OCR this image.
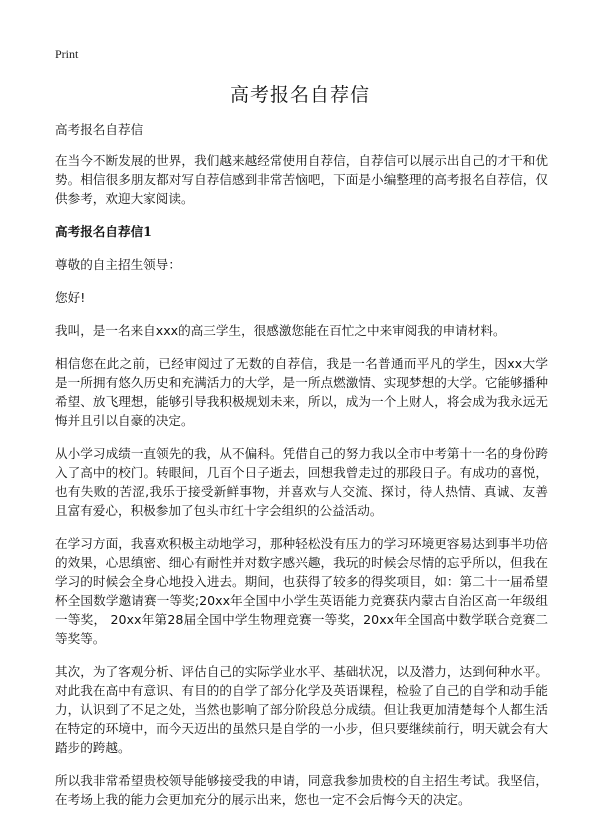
Print
高考报名自荐信

高考报名自荐信

在当今不断发展的世界，我们越来越经常使用自荐信，自荐信可以展示出自己的才干和优势。相信很多朋友都对写自荐信感到非常苦恼吧，下面是小编整理的高考报名自荐信，仅供参考，欢迎大家阅读。

高考报名自荐信1

尊敬的自主招生领导：

您好!

我叫，是一名来自xxx的高三学生，很感激您能在百忙之中来审阅我的申请材料。

相信您在此之前，已经审阅过了无数的自荐信，我是一名普通而平凡的学生，因xx大学是一所拥有悠久历史和充满活力的大学，是一所点燃激情、实现梦想的大学。它能够播种希望、放飞理想，能够引导我积极规划未来，所以，成为一个上财人，将会成为我永远无悔并且引以自豪的决定。

从小学习成绩一直领先的我，从不偏科。凭借自己的努力我以全市中考第十一名的身份跨入了高中的校门。转眼间，几百个日子逝去，回想我曾走过的那段日子。有成功的喜悦，也有失败的苦涩,我乐于接受新鲜事物，并喜欢与人交流、探讨，待人热情、真诚、友善且富有爱心，积极参加了包头市红十字会组织的公益活动。

在学习方面，我喜欢积极主动地学习，那种轻松没有压力的学习环境更容易达到事半功倍的效果，心思缜密、细心有耐性并对数字感兴趣，我玩的时候会尽情的忘乎所以，但我在学习的时候会全身心地投入进去。期间，也获得了较多的得奖项目，如：第二十一届希望杯全国数学邀请赛一等奖;20xx年全国中小学生英语能力竞赛获内蒙古自治区高一年级组一等奖， 20xx年第28届全国中学生物理竞赛一等奖，20xx年全国高中数学联合竞赛二等奖等。

其次，为了客观分析、评估自己的实际学业水平、基础状况，以及潜力，达到何种水平。对此我在高中有意识、有目的的自学了部分化学及英语课程，检验了自己的自学和动手能力，认识到了不足之处，当然也影响了部分阶段总分成绩。但让我更加清楚每个人都生活在特定的环境中，而今天迈出的虽然只是自学的一小步，但只要继续前行，明天就会有大踏步的跨越。

所以我非常希望贵校领导能够接受我的申请，同意我参加贵校的自主招生考试。我坚信，在考场上我的能力会更加充分的展示出来，您也一定不会后悔今天的决定。
